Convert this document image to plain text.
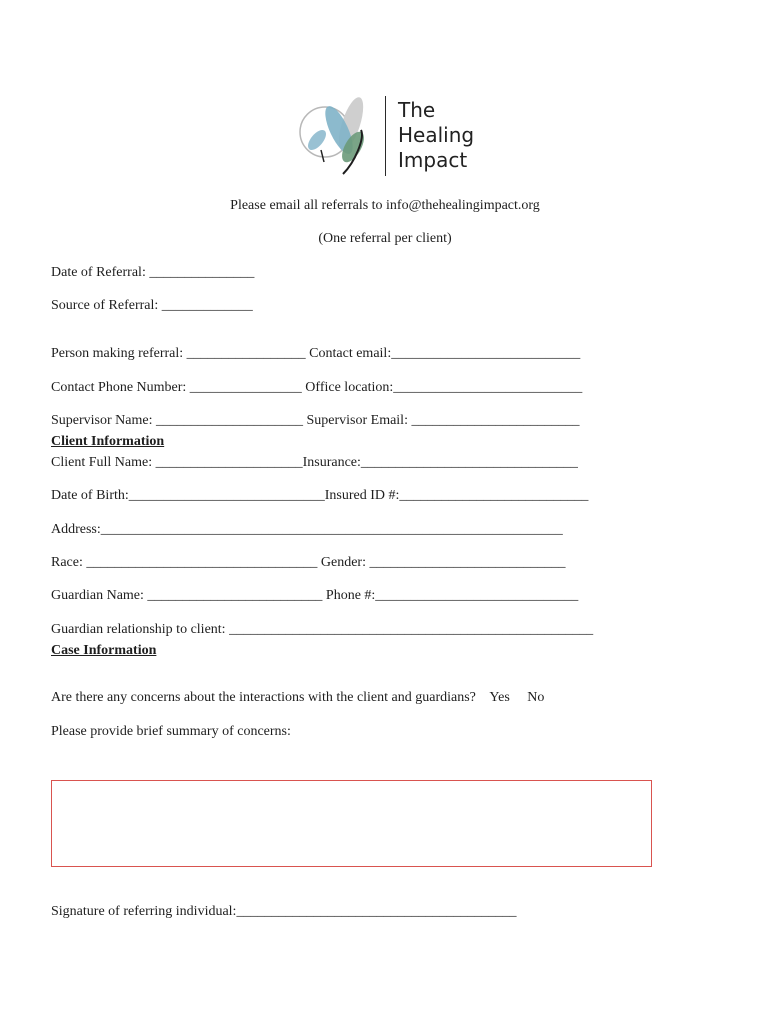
The
Healing
Impact
Please email all referrals to info@thehealingimpact.org
(One referral per client)
Date of Referral: _______________
Source of Referral: _____________
Person making referral: _________________ Contact email:___________________________
Contact Phone Number: ________________ Office location:___________________________
Supervisor Name: _____________________ Supervisor Email: ________________________
Client Information
Client Full Name: _____________________Insurance:_______________________________
Date of Birth:____________________________Insured ID #:___________________________
Address:__________________________________________________________________
Race: _________________________________ Gender: ____________________________
Guardian Name: _________________________ Phone #:_____________________________
Guardian relationship to client: ____________________________________________________
Case Information
Are there any concerns about the interactions with the client and guardians? Yes No
Please provide brief summary of concerns:
Signature of referring individual:________________________________________
